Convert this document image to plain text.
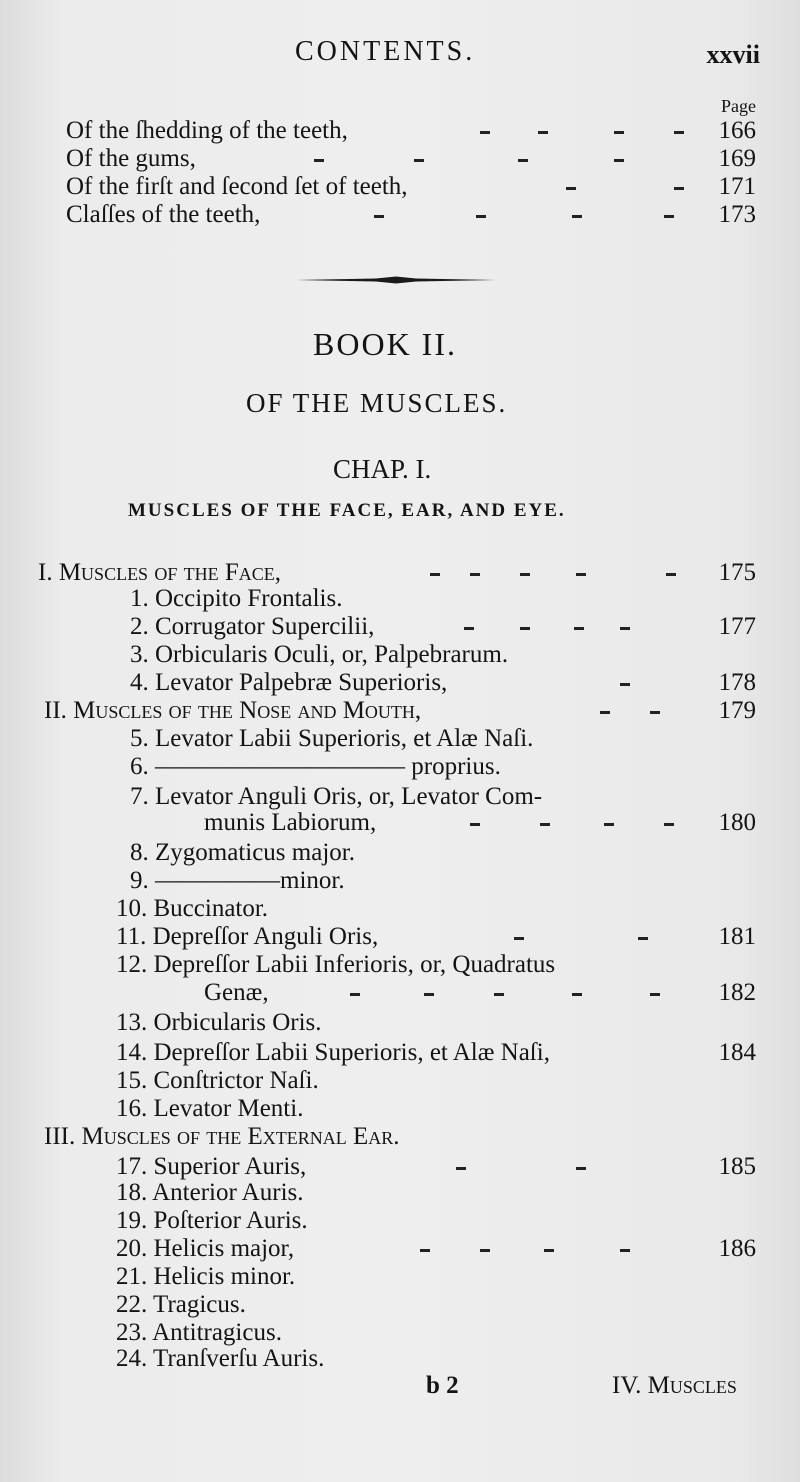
CONTENTS.	xxvii
Page
Of the ſhedding of the teeth,	166
Of the gums,	169
Of the firſt and ſecond ſet of teeth,	171
Claſſes of the teeth,	173
BOOK II.
OF THE MUSCLES.
CHAP. I.
MUSCLES OF THE FACE, EAR, AND EYE.
I. Muscles of the Face,	175
1. Occipito Frontalis.
2. Corrugator Supercilii,	177
3. Orbicularis Oculi, or, Palpebrarum.
4. Levator Palpebræ Superioris,	178
II. Muscles of the Nose and Mouth,	179
5. Levator Labii Superioris, et Alæ Naſi.
6. —————————— proprius.
7. Levator Anguli Oris, or, Levator Com-
munis Labiorum,	180
8. Zygomaticus major.
9. —————minor.
10. Buccinator.
11. Depreſſor Anguli Oris,	181
12. Depreſſor Labii Inferioris, or, Quadratus
Genæ,	182
13. Orbicularis Oris.
14. Depreſſor Labii Superioris, et Alæ Naſi,	184
15. Conſtrictor Naſi.
16. Levator Menti.
III. Muscles of the External Ear.
17. Superior Auris,	185
18. Anterior Auris.
19. Poſterior Auris.
20. Helicis major,	186
21. Helicis minor.
22. Tragicus.
23. Antitragicus.
24. Tranſverſu Auris.
b 2	IV. Muscles
